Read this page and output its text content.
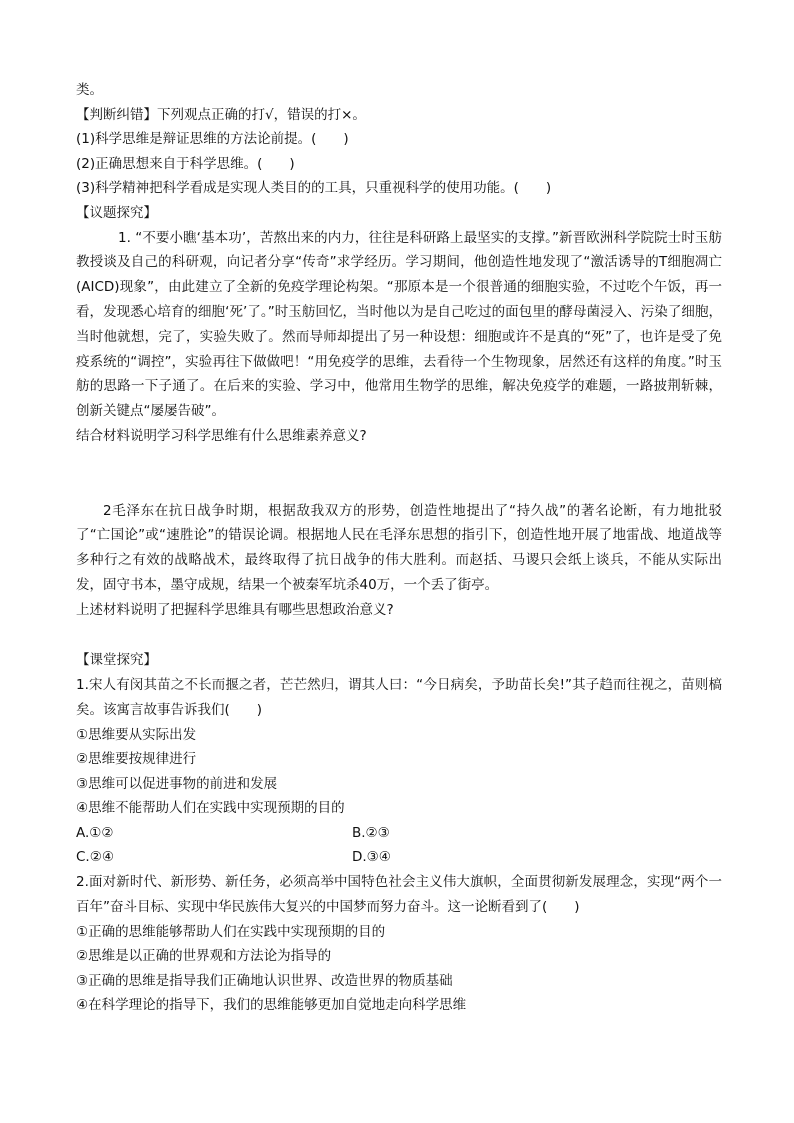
类。
【判断纠错】下列观点正确的打√，错误的打×。
(1)科学思维是辩证思维的方法论前提。(　　)
(2)正确思想来自于科学思维。(　　)
(3)科学精神把科学看成是实现人类目的的工具，只重视科学的使用功能。(　　)
【议题探究】
1. “不要小瞧‘基本功’，苦熬出来的内力，往往是科研路上最坚实的支撑。”新晋欧洲科学院院士时玉舫教授谈及自己的科研观，向记者分享“传奇”求学经历。学习期间，他创造性地发现了“激活诱导的T细胞凋亡(AICD)现象”，由此建立了全新的免疫学理论构架。“那原本是一个很普通的细胞实验，不过吃个午饭，再一看，发现悉心培育的细胞‘死’了。”时玉舫回忆，当时他以为是自己吃过的面包里的酵母菌浸入、污染了细胞，当时他就想，完了，实验失败了。然而导师却提出了另一种设想：细胞或许不是真的“死”了，也许是受了免疫系统的“调控”，实验再往下做做吧！“用免疫学的思维，去看待一个生物现象，居然还有这样的角度。”时玉舫的思路一下子通了。在后来的实验、学习中，他常用生物学的思维，解决免疫学的难题，一路披荆斩棘，创新关键点“屡屡告破”。
结合材料说明学习科学思维有什么思维素养意义?
2毛泽东在抗日战争时期，根据敌我双方的形势，创造性地提出了“持久战”的著名论断，有力地批驳了“亡国论”或“速胜论”的错误论调。根据地人民在毛泽东思想的指引下，创造性地开展了地雷战、地道战等多种行之有效的战略战术，最终取得了抗日战争的伟大胜利。而赵括、马谡只会纸上谈兵，不能从实际出发，固守书本，墨守成规，结果一个被秦军坑杀40万，一个丢了街亭。
上述材料说明了把握科学思维具有哪些思想政治意义?
【课堂探究】
1.宋人有闵其苗之不长而揠之者，芒芒然归，谓其人曰：“今日病矣，予助苗长矣!”其子趋而往视之，苗则槁矣。该寓言故事告诉我们(　　)
①思维要从实际出发
②思维要按规律进行
③思维可以促进事物的前进和发展
④思维不能帮助人们在实践中实现预期的目的
A.①②	B.②③
C.②④	D.③④
2.面对新时代、新形势、新任务，必须高举中国特色社会主义伟大旗帜，全面贯彻新发展理念，实现“两个一百年”奋斗目标、实现中华民族伟大复兴的中国梦而努力奋斗。这一论断看到了(　　)
①正确的思维能够帮助人们在实践中实现预期的目的
②思维是以正确的世界观和方法论为指导的
③正确的思维是指导我们正确地认识世界、改造世界的物质基础
④在科学理论的指导下，我们的思维能够更加自觉地走向科学思维
